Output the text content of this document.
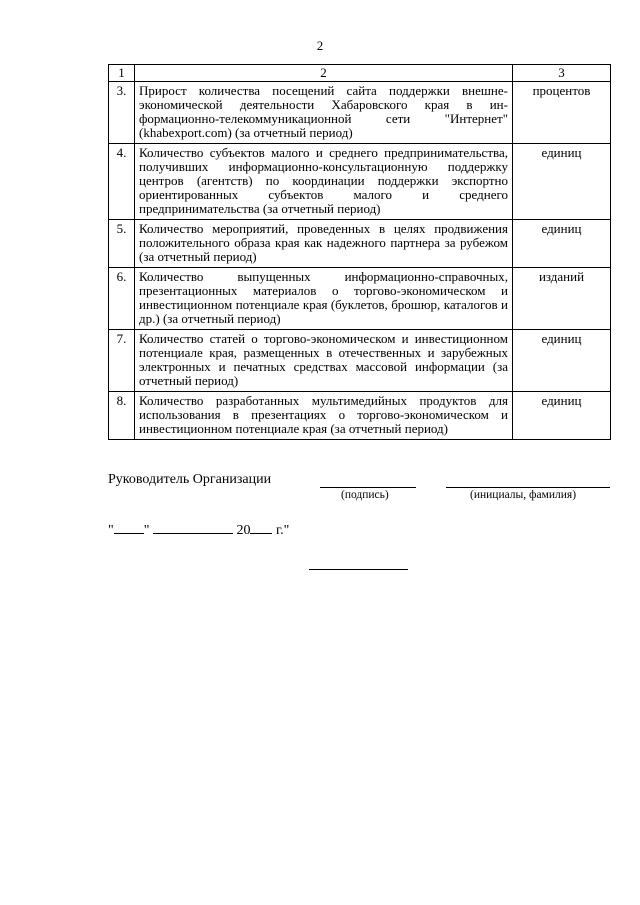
2
1	2	3
3.	Прирост количества посещений сайта поддержки внешнеэкономической деятельности Хабаровского края в информационно-телекоммуникационной сети "Интернет" (khabexport.com) (за отчетный период)	процентов
4.	Количество субъектов малого и среднего предпринимательства, получивших информационно-консультационную поддержку центров (агентств) по координации поддержки экспортно ориентированных субъектов малого и среднего предпринимательства (за отчетный период)	единиц
5.	Количество мероприятий, проведенных в целях продвижения положительного образа края как надежного партнера за рубежом (за отчетный период)	единиц
6.	Количество выпущенных информационно-справочных, презентационных материалов о торгово-экономическом и инвестиционном потенциале края (буклетов, брошюр, каталогов и др.) (за отчетный период)	изданий
7.	Количество статей о торгово-экономическом и инвестиционном потенциале края, размещенных в отечественных и зарубежных электронных и печатных средствах массовой информации (за отчетный период)	единиц
8.	Количество разработанных мультимедийных продуктов для использования в презентациях о торгово-экономическом и инвестиционном потенциале края (за отчетный период)	единиц
Руководитель Организации
(подпись)	(инициалы, фамилия)
" "	20 г."
